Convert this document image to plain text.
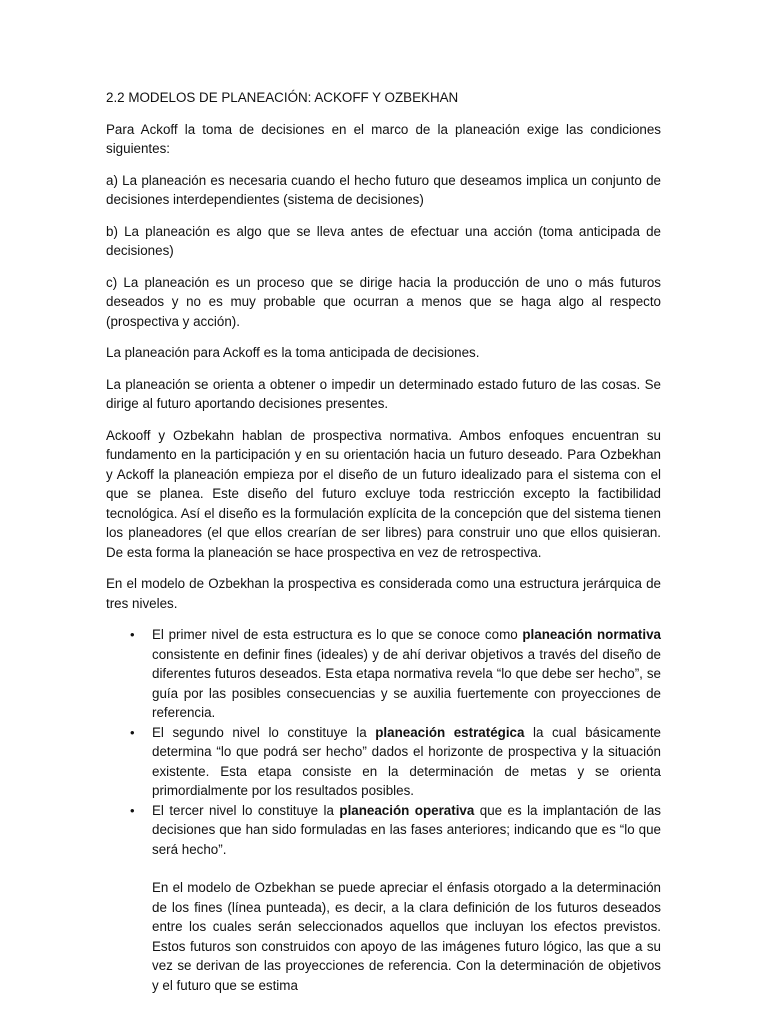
2.2 MODELOS DE PLANEACIÓN: ACKOFF Y OZBEKHAN

Para Ackoff la toma de decisiones en el marco de la planeación exige las condiciones siguientes:

a) La planeación es necesaria cuando el hecho futuro que deseamos implica un conjunto de decisiones interdependientes (sistema de decisiones)

b) La planeación es algo que se lleva antes de efectuar una acción (toma anticipada de decisiones)

c) La planeación es un proceso que se dirige hacia la producción de uno o más futuros deseados y no es muy probable que ocurran a menos que se haga algo al respecto (prospectiva y acción).

La planeación para Ackoff es la toma anticipada de decisiones.

La planeación se orienta a obtener o impedir un determinado estado futuro de las cosas. Se dirige al futuro aportando decisiones presentes.

Ackooff y Ozbekahn hablan de prospectiva normativa. Ambos enfoques encuentran su fundamento en la participación y en su orientación hacia un futuro deseado. Para Ozbekhan y Ackoff la planeación empieza por el diseño de un futuro idealizado para el sistema con el que se planea. Este diseño del futuro excluye toda restricción excepto la factibilidad tecnológica. Así el diseño es la formulación explícita de la concepción que del sistema tienen los planeadores (el que ellos crearían de ser libres) para construir uno que ellos quisieran. De esta forma la planeación se hace prospectiva en vez de retrospectiva.

En el modelo de Ozbekhan la prospectiva es considerada como una estructura jerárquica de tres niveles.

• El primer nivel de esta estructura es lo que se conoce como planeación normativa consistente en definir fines (ideales) y de ahí derivar objetivos a través del diseño de diferentes futuros deseados. Esta etapa normativa revela “lo que debe ser hecho”, se guía por las posibles consecuencias y se auxilia fuertemente con proyecciones de referencia.
• El segundo nivel lo constituye la planeación estratégica la cual básicamente determina “lo que podrá ser hecho” dados el horizonte de prospectiva y la situación existente. Esta etapa consiste en la determinación de metas y se orienta primordialmente por los resultados posibles.
• El tercer nivel lo constituye la planeación operativa que es la implantación de las decisiones que han sido formuladas en las fases anteriores; indicando que es “lo que será hecho”.

En el modelo de Ozbekhan se puede apreciar el énfasis otorgado a la determinación de los fines (línea punteada), es decir, a la clara definición de los futuros deseados entre los cuales serán seleccionados aquellos que incluyan los efectos previstos. Estos futuros son construidos con apoyo de las imágenes futuro lógico, las que a su vez se derivan de las proyecciones de referencia. Con la determinación de objetivos y el futuro que se estima
